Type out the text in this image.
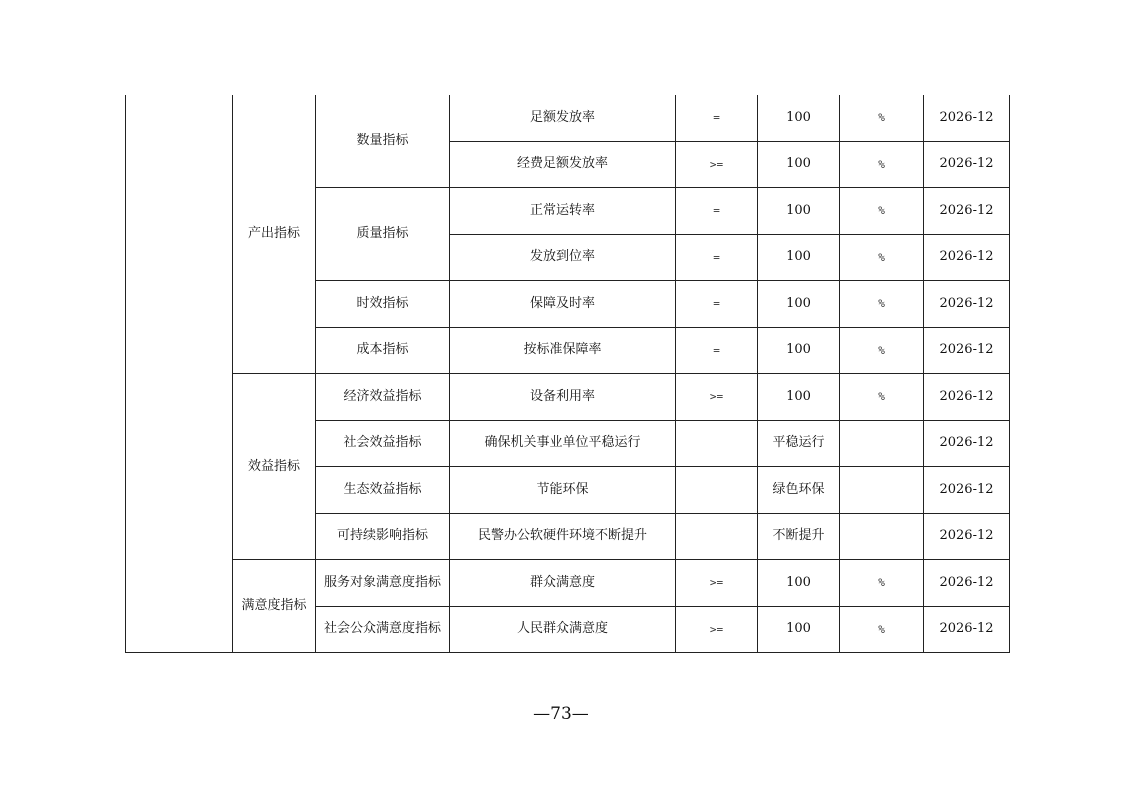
	产出指标	数量指标	足额发放率	=	100	%	2026-12
			经费足额发放率	>=	100	%	2026-12
		质量指标	正常运转率	=	100	%	2026-12
			发放到位率	=	100	%	2026-12
		时效指标	保障及时率	=	100	%	2026-12
		成本指标	按标准保障率	=	100	%	2026-12
	效益指标	经济效益指标	设备利用率	>=	100	%	2026-12
		社会效益指标	确保机关事业单位平稳运行		平稳运行		2026-12
		生态效益指标	节能环保		绿色环保		2026-12
		可持续影响指标	民警办公软硬件环境不断提升		不断提升		2026-12
	满意度指标	服务对象满意度指标	群众满意度	>=	100	%	2026-12
		社会公众满意度指标	人民群众满意度	>=	100	%	2026-12
—73—
